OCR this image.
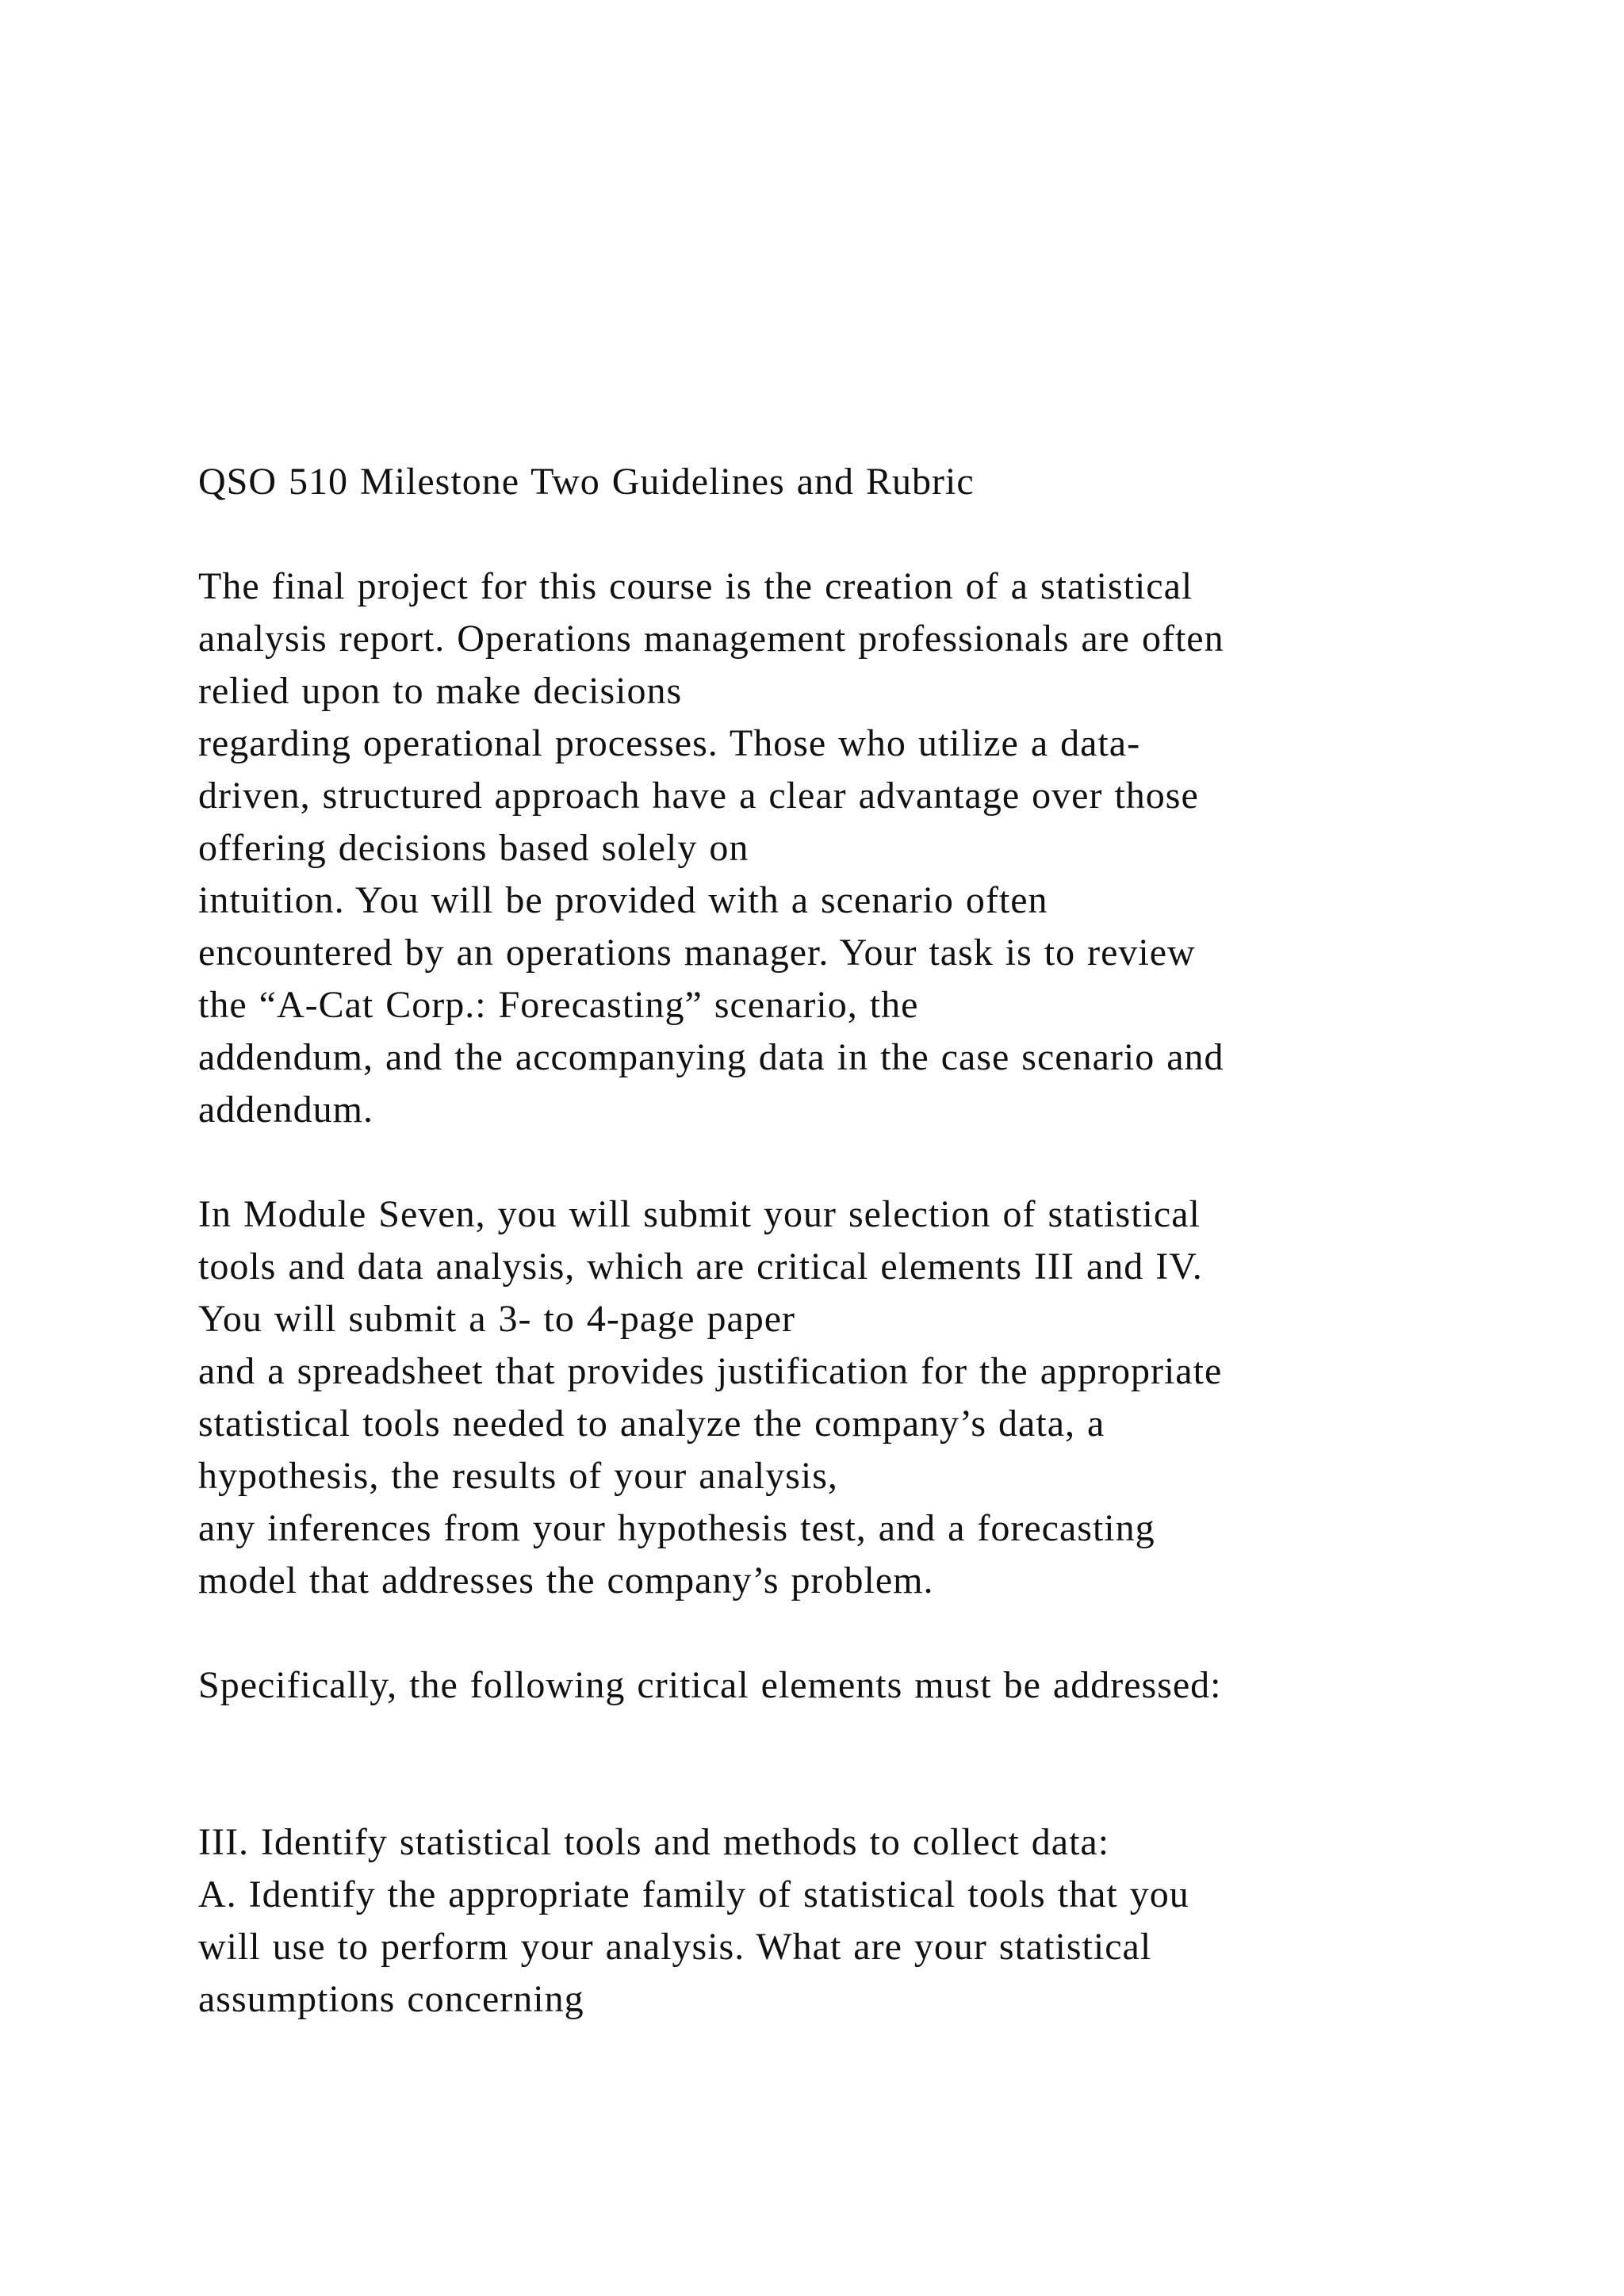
QSO 510 Milestone Two Guidelines and Rubric
The final project for this course is the creation of a statistical
analysis report. Operations management professionals are often
relied upon to make decisions
regarding operational processes. Those who utilize a data-
driven, structured approach have a clear advantage over those
offering decisions based solely on
intuition. You will be provided with a scenario often
encountered by an operations manager. Your task is to review
the “A-Cat Corp.: Forecasting” scenario, the
addendum, and the accompanying data in the case scenario and
addendum.
In Module Seven, you will submit your selection of statistical
tools and data analysis, which are critical elements III and IV.
You will submit a 3- to 4-page paper
and a spreadsheet that provides justification for the appropriate
statistical tools needed to analyze the company’s data, a
hypothesis, the results of your analysis,
any inferences from your hypothesis test, and a forecasting
model that addresses the company’s problem.
Specifically, the following critical elements must be addressed:
III. Identify statistical tools and methods to collect data:
A. Identify the appropriate family of statistical tools that you
will use to perform your analysis. What are your statistical
assumptions concerning
